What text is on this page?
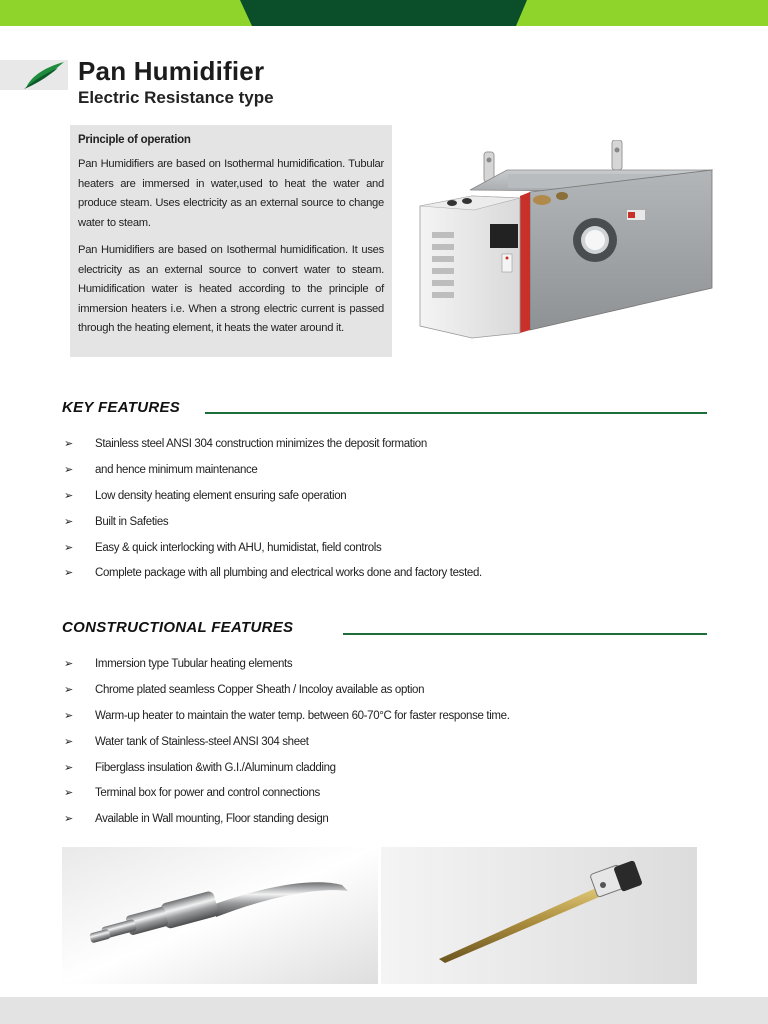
Pan Humidifier
Electric Resistance type
Principle of operation

Pan Humidifiers are based on Isothermal humidification. Tubular heaters are immersed in water,used to heat the water and produce steam. Uses electricity as an external source to change water to steam.

Pan Humidifiers are based on Isothermal humidification. It uses electricity as an external source to convert water to steam. Humidification water is heated according to the principle of immersion heaters i.e. When a strong electric current is passed through the heating element, it heats the water around it.

KEY FEATURES
➢ Stainless steel ANSI 304 construction minimizes the deposit formation
➢ and hence minimum maintenance
➢ Low density heating element ensuring safe operation
➢ Built in Safeties
➢ Easy & quick interlocking with AHU, humidistat, field controls
➢ Complete package with all plumbing and electrical works done and factory tested.
CONSTRUCTIONAL FEATURES
➢ Immersion type Tubular heating elements
➢ Chrome plated seamless Copper Sheath / Incoloy available as option
➢ Warm-up heater to maintain the water temp. between 60-70°C for faster response time.
➢ Water tank of Stainless-steel ANSI 304 sheet
➢ Fiberglass insulation &with G.I./Aluminum cladding
➢ Terminal box for power and control connections
➢ Available in Wall mounting, Floor standing design
